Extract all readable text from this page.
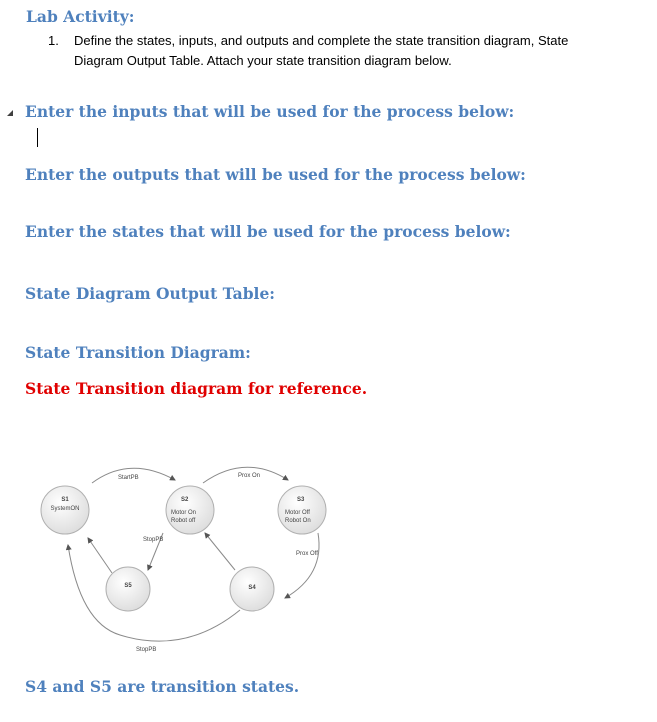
Lab Activity:
1. Define the states, inputs, and outputs and complete the state transition diagram, State
Diagram Output Table. Attach your state transition diagram below.
Enter the inputs that will be used for the process below:
Enter the outputs that will be used for the process below:
Enter the states that will be used for the process below:
State Diagram Output Table:
State Transition Diagram:
State Transition diagram for reference.
S1
SystemON
S2
Motor On
Robot off
S3
Motor Off
Robot On
S4
S5
StartPB	Prox On
Prox Off
StopPB
StopPB
S4 and S5 are transition states.
